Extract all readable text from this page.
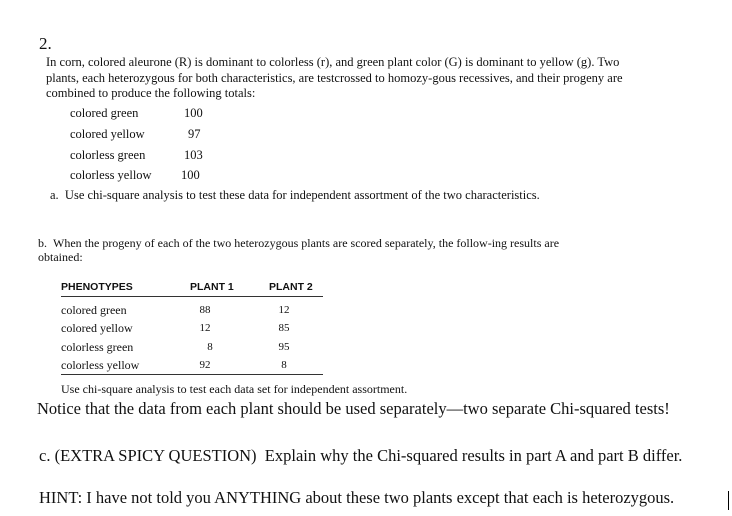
2.
In corn, colored aleurone (R) is dominant to colorless (r), and green plant color (G) is dominant to yellow (g). Two plants, each heterozygous for both characteristics, are testcrossed to homozy-gous recessives, and their progeny are combined to produce the following totals:
colored green	100
colored yellow	97
colorless green	103
colorless yellow 100
a.  Use chi-square analysis to test these data for independent assortment of the two characteristics.
b.  When the progeny of each of the two heterozygous plants are scored separately, the follow-ing results are obtained:
PHENOTYPES	PLANT 1	PLANT 2
colored green	88	12
colored yellow	12	85
colorless green	8	95
colorless yellow	92	8
Use chi-square analysis to test each data set for independent assortment.
Notice that the data from each plant should be used separately—two separate Chi-squared tests!
c. (EXTRA SPICY QUESTION)  Explain why the Chi-squared results in part A and part B differ.
HINT: I have not told you ANYTHING about these two plants except that each is heterozygous.
